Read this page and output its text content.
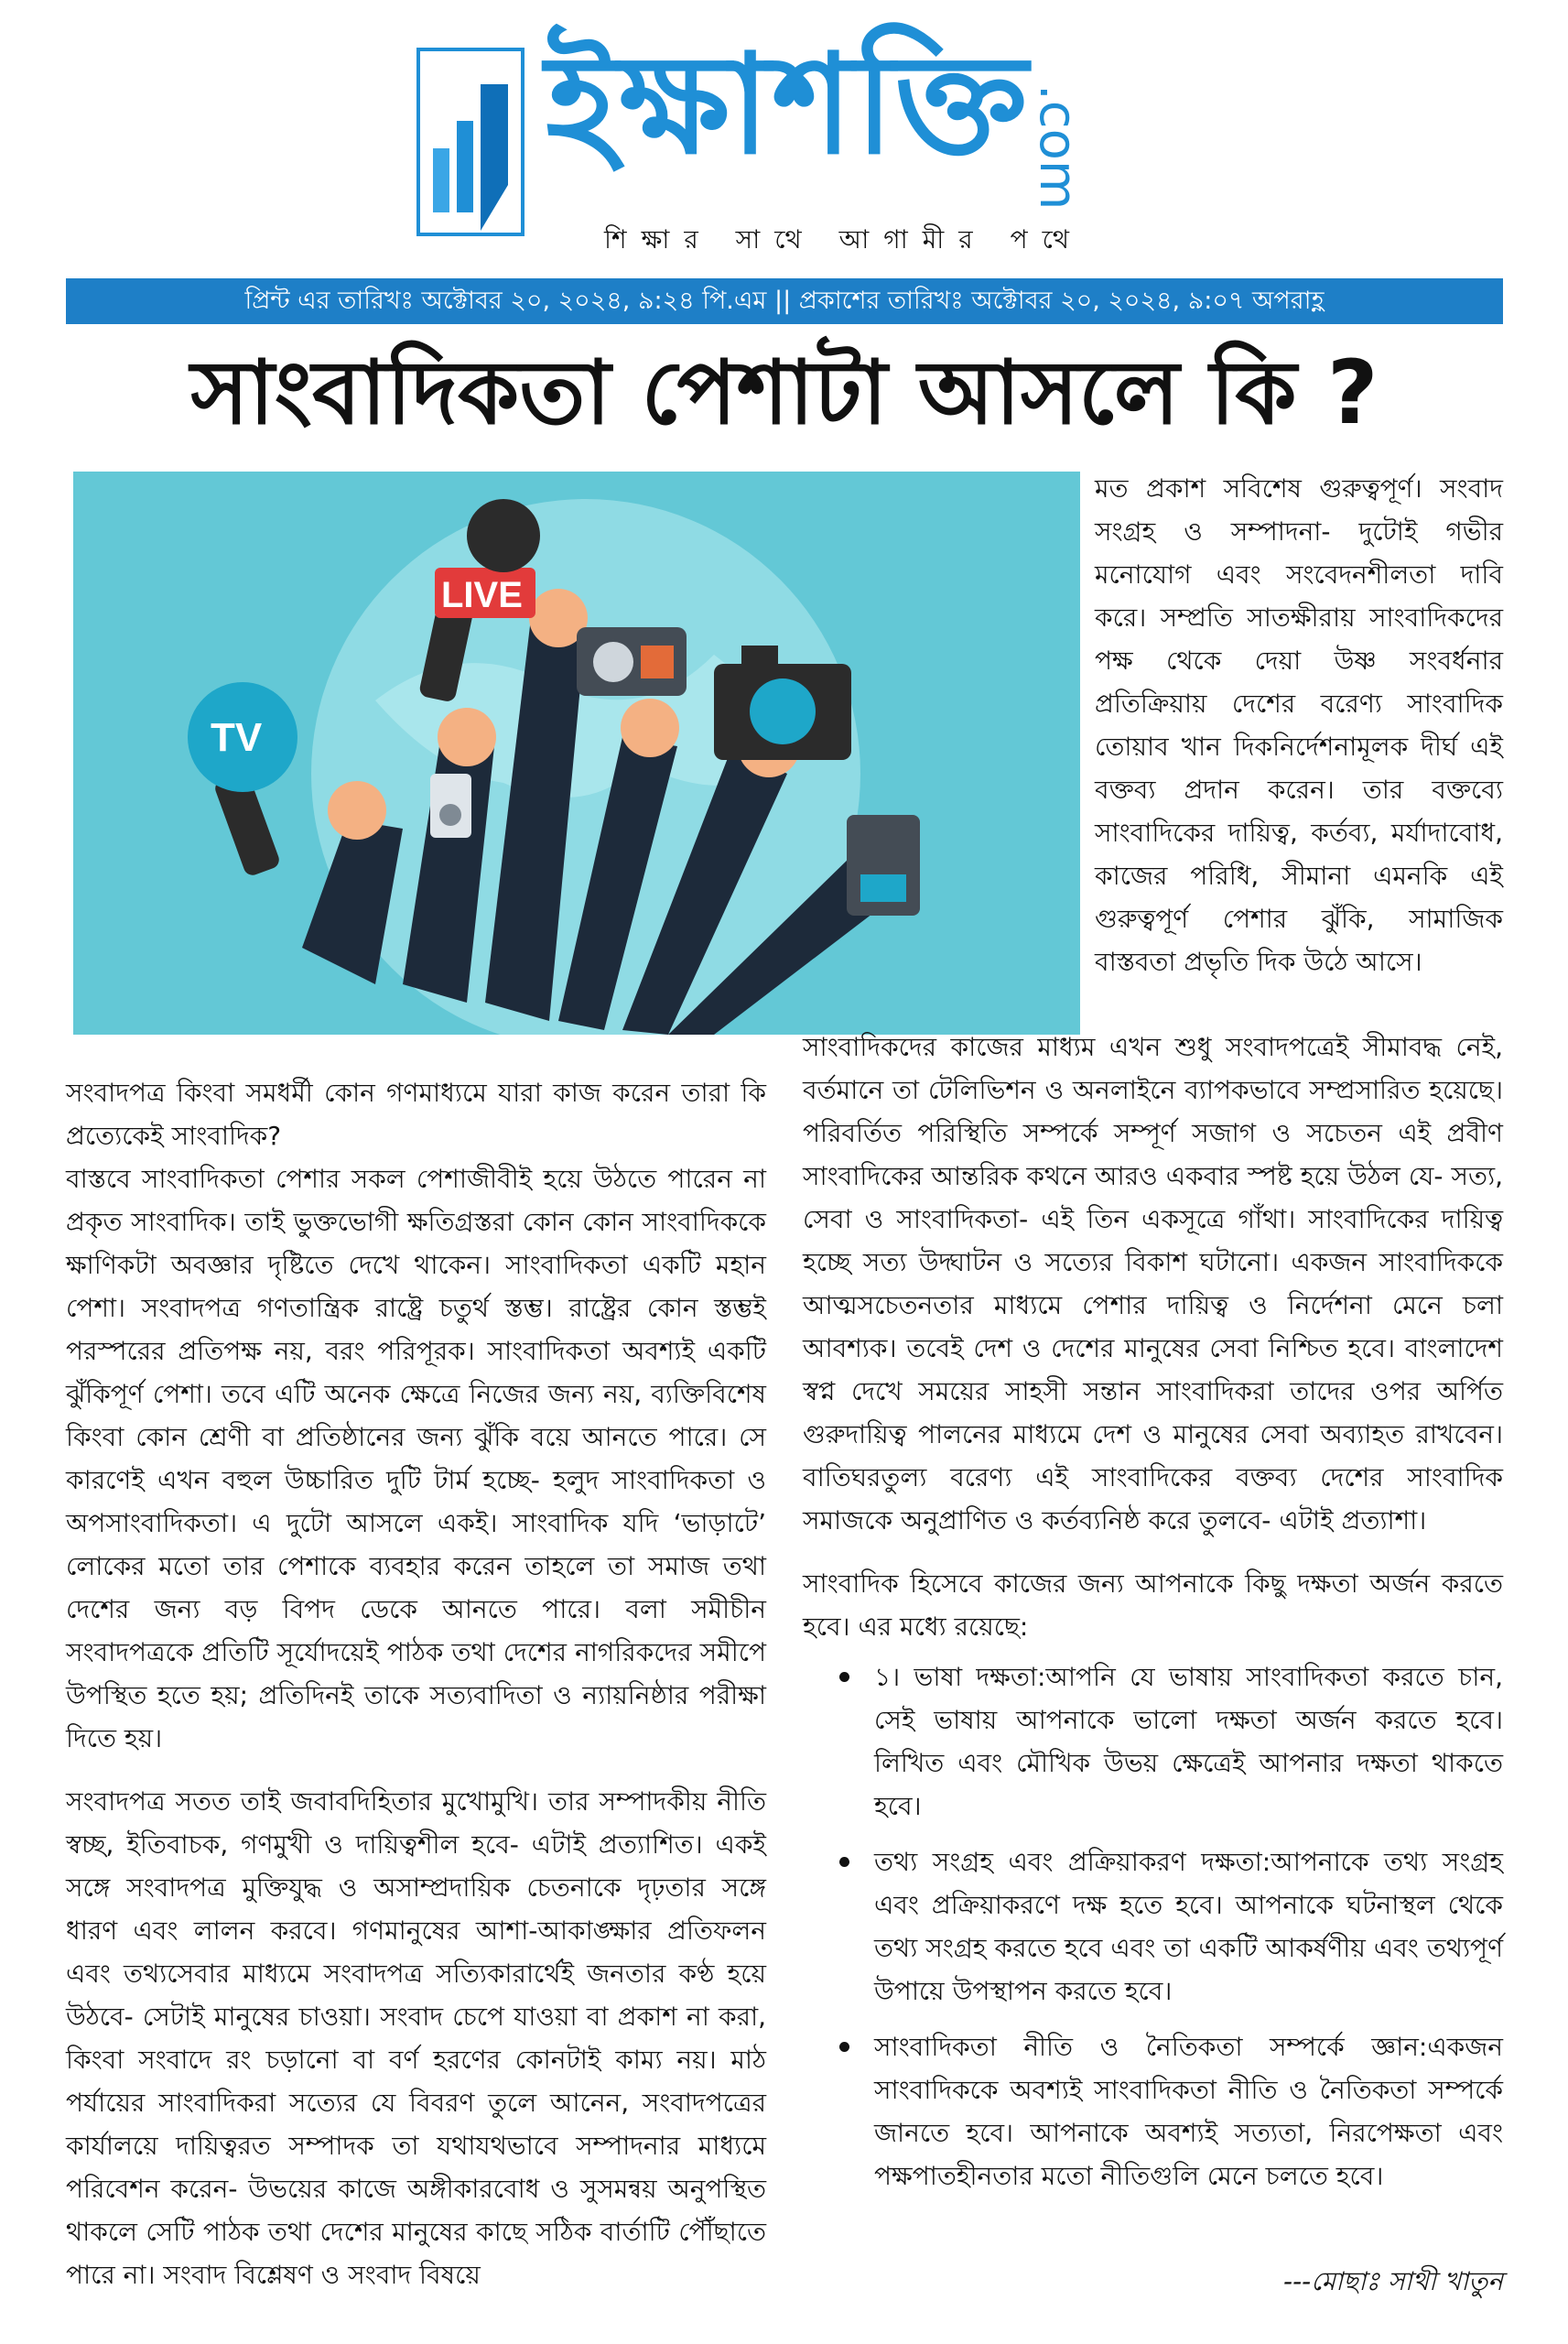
ইক্ষাশক্তি
.com
শিক্ষার সাথে আগামীর পথে
প্রিন্ট এর তারিখঃ অক্টোবর ২০, ২০২৪, ৯:২৪ পি.এম || প্রকাশের তারিখঃ অক্টোবর ২০, ২০২৪, ৯:০৭ অপরাহ্ণ
সাংবাদিকতা পেশাটা আসলে কি ?
TV
LIVE

মত প্রকাশ সবিশেষ গুরুত্বপূর্ণ। সংবাদ সংগ্রহ ও সম্পাদনা- দুটোই গভীর মনোযোগ এবং সংবেদনশীলতা দাবি করে। সম্প্রতি সাতক্ষীরায় সাংবাদিকদের পক্ষ থেকে দেয়া উষ্ণ সংবর্ধনার প্রতিক্রিয়ায় দেশের বরেণ্য সাংবাদিক তোয়াব খান দিকনির্দেশনামূলক দীর্ঘ এই বক্তব্য প্রদান করেন। তার বক্তব্যে সাংবাদিকের দায়িত্ব, কর্তব্য, মর্যাদাবোধ, কাজের পরিধি, সীমানা এমনকি এই গুরুত্বপূর্ণ পেশার ঝুঁকি, সামাজিক বাস্তবতা প্রভৃতি দিক উঠে আসে।

সংবাদপত্র কিংবা সমধর্মী কোন গণমাধ্যমে যারা কাজ করেন তারা কি প্রত্যেকেই সাংবাদিক?

বাস্তবে সাংবাদিকতা পেশার সকল পেশাজীবীই হয়ে উঠতে পারেন না প্রকৃত সাংবাদিক। তাই ভুক্তভোগী ক্ষতিগ্রস্তরা কোন কোন সাংবাদিককে ক্ষাণিকটা অবজ্ঞার দৃষ্টিতে দেখে থাকেন। সাংবাদিকতা একটি মহান পেশা। সংবাদপত্র গণতান্ত্রিক রাষ্ট্রে চতুর্থ স্তম্ভ। রাষ্ট্রের কোন স্তম্ভই পরস্পরের প্রতিপক্ষ নয়, বরং পরিপূরক। সাংবাদিকতা অবশ্যই একটি ঝুঁকিপূর্ণ পেশা। তবে এটি অনেক ক্ষেত্রে নিজের জন্য নয়, ব্যক্তিবিশেষ কিংবা কোন শ্রেণী বা প্রতিষ্ঠানের জন্য ঝুঁকি বয়ে আনতে পারে। সে কারণেই এখন বহুল উচ্চারিত দুটি টার্ম হচ্ছে- হলুদ সাংবাদিকতা ও অপসাংবাদিকতা। এ দুটো আসলে একই। সাংবাদিক যদি ‘ভাড়াটে’ লোকের মতো তার পেশাকে ব্যবহার করেন তাহলে তা সমাজ তথা দেশের জন্য বড় বিপদ ডেকে আনতে পারে। বলা সমীচীন সংবাদপত্রকে প্রতিটি সূর্যোদয়েই পাঠক তথা দেশের নাগরিকদের সমীপে উপস্থিত হতে হয়; প্রতিদিনই তাকে সত্যবাদিতা ও ন্যায়নিষ্ঠার পরীক্ষা দিতে হয়।

সংবাদপত্র সতত তাই জবাবদিহিতার মুখোমুখি। তার সম্পাদকীয় নীতি স্বচ্ছ, ইতিবাচক, গণমুখী ও দায়িত্বশীল হবে- এটাই প্রত্যাশিত। একই সঙ্গে সংবাদপত্র মুক্তিযুদ্ধ ও অসাম্প্রদায়িক চেতনাকে দৃঢ়তার সঙ্গে ধারণ এবং লালন করবে। গণমানুষের আশা-আকাঙ্ক্ষার প্রতিফলন এবং তথ্যসেবার মাধ্যমে সংবাদপত্র সত্যিকারার্থেই জনতার কণ্ঠ হয়ে উঠবে- সেটাই মানুষের চাওয়া। সংবাদ চেপে যাওয়া বা প্রকাশ না করা, কিংবা সংবাদে রং চড়ানো বা বর্ণ হরণের কোনটাই কাম্য নয়। মাঠ পর্যায়ের সাংবাদিকরা সত্যের যে বিবরণ তুলে আনেন, সংবাদপত্রের কার্যালয়ে দায়িত্বরত সম্পাদক তা যথাযথভাবে সম্পাদনার মাধ্যমে পরিবেশন করেন- উভয়ের কাজে অঙ্গীকারবোধ ও সুসমন্বয় অনুপস্থিত থাকলে সেটি পাঠক তথা দেশের মানুষের কাছে সঠিক বার্তাটি পৌঁছাতে পারে না। সংবাদ বিশ্লেষণ ও সংবাদ বিষয়ে

সাংবাদিকদের কাজের মাধ্যম এখন শুধু সংবাদপত্রেই সীমাবদ্ধ নেই, বর্তমানে তা টেলিভিশন ও অনলাইনে ব্যাপকভাবে সম্প্রসারিত হয়েছে। পরিবর্তিত পরিস্থিতি সম্পর্কে সম্পূর্ণ সজাগ ও সচেতন এই প্রবীণ সাংবাদিকের আন্তরিক কথনে আরও একবার স্পষ্ট হয়ে উঠল যে- সত্য, সেবা ও সাংবাদিকতা- এই তিন একসূত্রে গাঁথা। সাংবাদিকের দায়িত্ব হচ্ছে সত্য উদ্ঘাটন ও সত্যের বিকাশ ঘটানো। একজন সাংবাদিককে আত্মসচেতনতার মাধ্যমে পেশার দায়িত্ব ও নির্দেশনা মেনে চলা আবশ্যক। তবেই দেশ ও দেশের মানুষের সেবা নিশ্চিত হবে। বাংলাদেশ স্বপ্ন দেখে সময়ের সাহসী সন্তান সাংবাদিকরা তাদের ওপর অর্পিত গুরুদায়িত্ব পালনের মাধ্যমে দেশ ও মানুষের সেবা অব্যাহত রাখবেন। বাতিঘরতুল্য বরেণ্য এই সাংবাদিকের বক্তব্য দেশের সাংবাদিক সমাজকে অনুপ্রাণিত ও কর্তব্যনিষ্ঠ করে তুলবে- এটাই প্রত্যাশা।

সাংবাদিক হিসেবে কাজের জন্য আপনাকে কিছু দক্ষতা অর্জন করতে হবে। এর মধ্যে রয়েছে:

১। ভাষা দক্ষতা:আপনি যে ভাষায় সাংবাদিকতা করতে চান, সেই ভাষায় আপনাকে ভালো দক্ষতা অর্জন করতে হবে। লিখিত এবং মৌখিক উভয় ক্ষেত্রেই আপনার দক্ষতা থাকতে হবে।
তথ্য সংগ্রহ এবং প্রক্রিয়াকরণ দক্ষতা:আপনাকে তথ্য সংগ্রহ এবং প্রক্রিয়াকরণে দক্ষ হতে হবে। আপনাকে ঘটনাস্থল থেকে তথ্য সংগ্রহ করতে হবে এবং তা একটি আকর্ষণীয় এবং তথ্যপূর্ণ উপায়ে উপস্থাপন করতে হবে।
সাংবাদিকতা নীতি ও নৈতিকতা সম্পর্কে জ্ঞান:একজন সাংবাদিককে অবশ্যই সাংবাদিকতা নীতি ও নৈতিকতা সম্পর্কে জানতে হবে। আপনাকে অবশ্যই সত্যতা, নিরপেক্ষতা এবং পক্ষপাতহীনতার মতো নীতিগুলি মেনে চলতে হবে।
---মোছাঃ সাথী খাতুন
